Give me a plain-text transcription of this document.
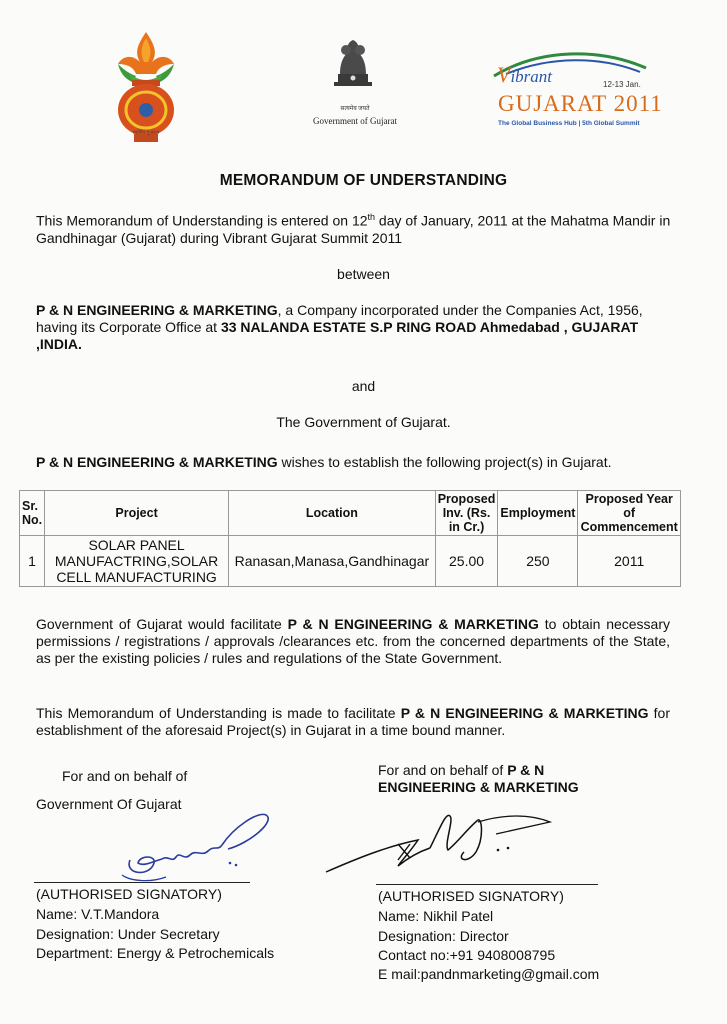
स्वर्णिम गुजरात
सत्यमेव जयते
Government of Gujarat
Vibrant	12-13 Jan.
GUJARAT 2011
The Global Business Hub | 5th Global Summit
MEMORANDUM OF UNDERSTANDING
This Memorandum of Understanding is entered on 12th day of January, 2011 at the Mahatma Mandir in Gandhinagar (Gujarat) during Vibrant Gujarat Summit 2011
between
P & N ENGINEERING & MARKETING, a Company incorporated under the Companies Act, 1956, having its Corporate Office at 33 NALANDA ESTATE S.P RING ROAD Ahmedabad , GUJARAT ,INDIA.
and
The Government of Gujarat.
P & N ENGINEERING & MARKETING wishes to establish the following project(s) in Gujarat.
Sr. No.	Project	Location	Proposed Inv. (Rs. in Cr.)	Employment	Proposed Year of Commencement
1	SOLAR PANEL MANUFACTRING,SOLAR CELL MANUFACTURING	Ranasan,Manasa,Gandhinagar	25.00	250	2011
Government of Gujarat would facilitate P & N ENGINEERING & MARKETING to obtain necessary permissions / registrations / approvals /clearances etc. from the concerned departments of the State, as per the existing policies / rules and regulations of the State Government.
This Memorandum of Understanding is made to facilitate P & N ENGINEERING & MARKETING for establishment of the aforesaid Project(s) in Gujarat in a time bound manner.
For and on behalf of
Government Of Gujarat
For and on behalf of P & N
ENGINEERING & MARKETING
(AUTHORISED SIGNATORY)
Name: V.T.Mandora
Designation: Under Secretary
Department: Energy & Petrochemicals
(AUTHORISED SIGNATORY)
Name: Nikhil Patel
Designation: Director
Contact no:+91 9408008795
E mail:pandnmarketing@gmail.com
